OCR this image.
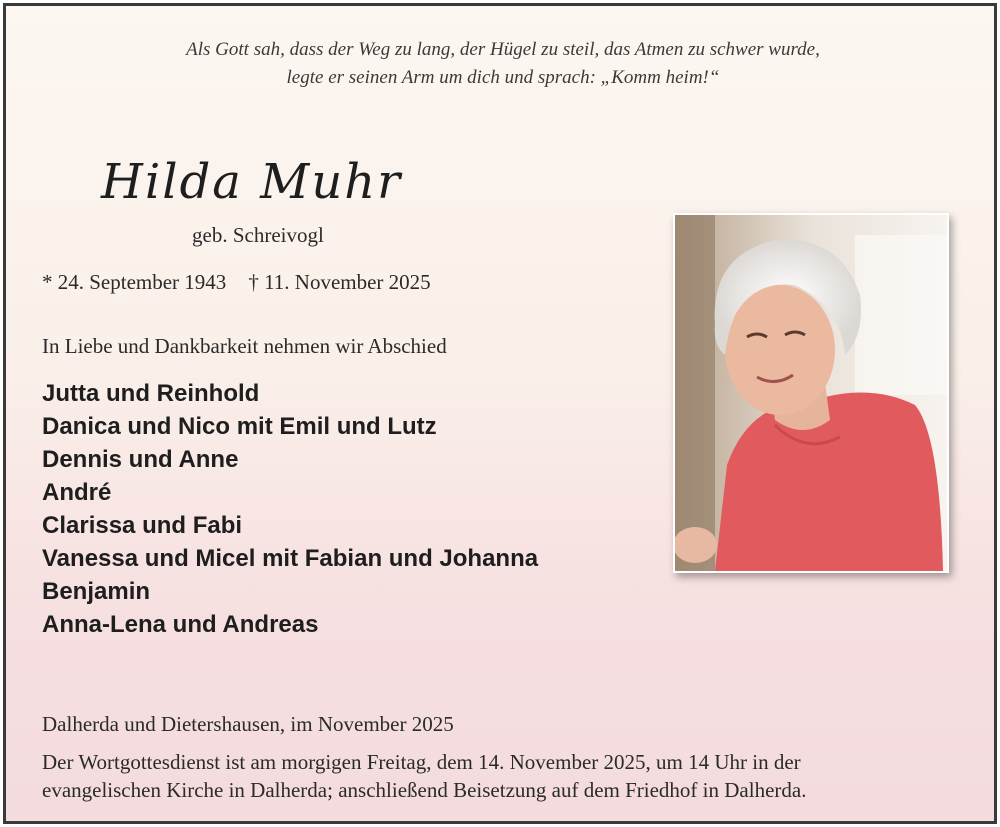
Als Gott sah, dass der Weg zu lang, der Hügel zu steil, das Atmen zu schwer wurde,
legte er seinen Arm um dich und sprach: „Komm heim!“
Hilda Muhr
geb. Schreivogl
* 24. September 1943 † 11. November 2025
In Liebe und Dankbarkeit nehmen wir Abschied
Jutta und Reinhold
Danica und Nico mit Emil und Lutz
Dennis und Anne
André
Clarissa und Fabi
Vanessa und Micel mit Fabian und Johanna
Benjamin
Anna-Lena und Andreas
Dalherda und Dietershausen, im November 2025
Der Wortgottesdienst ist am morgigen Freitag, dem 14. November 2025, um 14 Uhr in der
evangelischen Kirche in Dalherda; anschließend Beisetzung auf dem Friedhof in Dalherda.
